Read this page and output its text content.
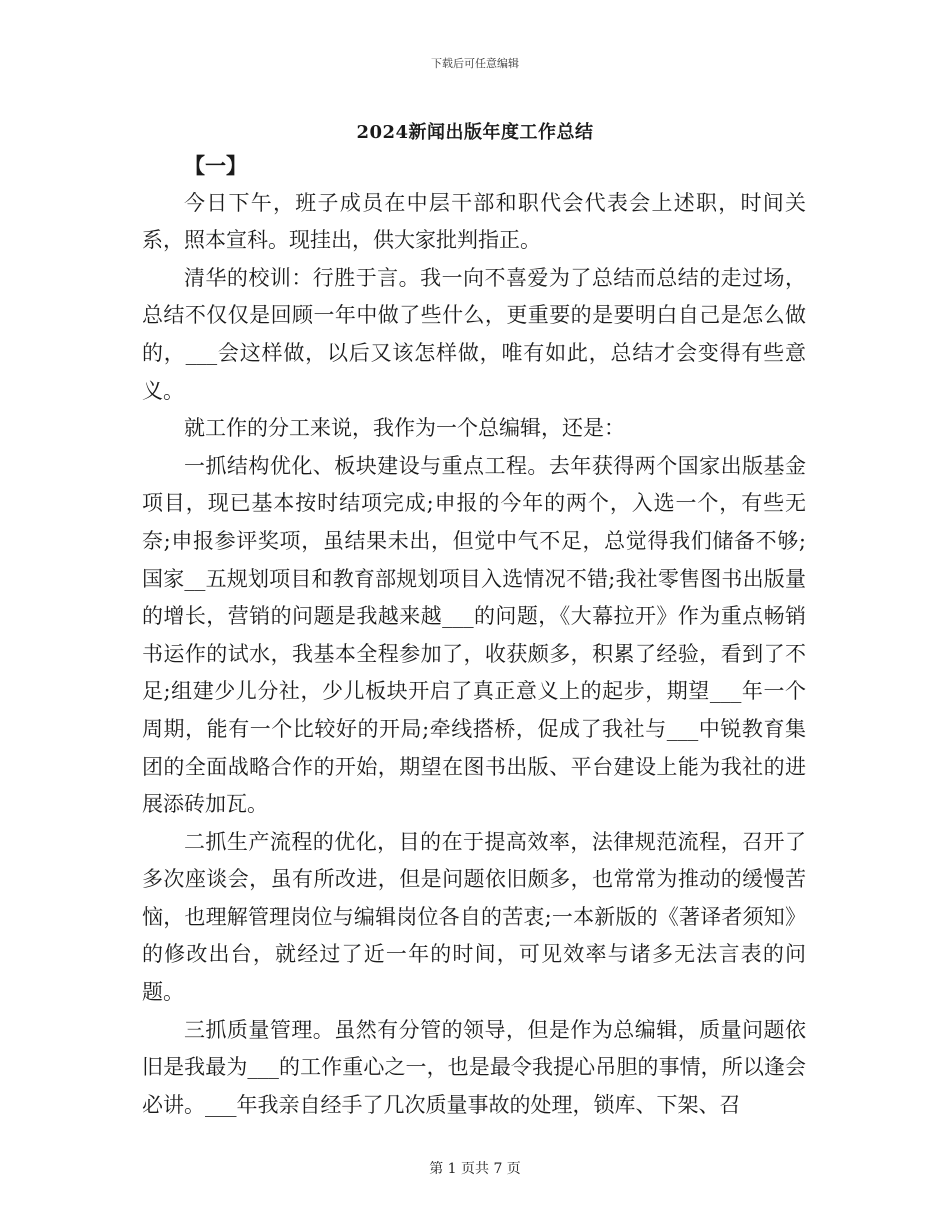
下载后可任意编辑
2024新闻出版年度工作总结

【一】

今日下午，班子成员在中层干部和职代会代表会上述职，时间关系，照本宣科。现挂出，供大家批判指正。

清华的校训：行胜于言。我一向不喜爱为了总结而总结的走过场，总结不仅仅是回顾一年中做了些什么，更重要的是要明白自己是怎么做的，___会这样做，以后又该怎样做，唯有如此，总结才会变得有些意义。

就工作的分工来说，我作为一个总编辑，还是：

一抓结构优化、板块建设与重点工程。去年获得两个国家出版基金项目，现已基本按时结项完成;申报的今年的两个，入选一个，有些无奈;申报参评奖项，虽结果未出，但觉中气不足，总觉得我们储备不够;国家__五规划项目和教育部规划项目入选情况不错;我社零售图书出版量的增长，营销的问题是我越来越___的问题，《大幕拉开》作为重点畅销书运作的试水，我基本全程参加了，收获颇多，积累了经验，看到了不足;组建少儿分社，少儿板块开启了真正意义上的起步，期望___年一个周期，能有一个比较好的开局;牵线搭桥，促成了我社与___中锐教育集团的全面战略合作的开始，期望在图书出版、平台建设上能为我社的进展添砖加瓦。

二抓生产流程的优化，目的在于提高效率，法律规范流程，召开了多次座谈会，虽有所改进，但是问题依旧颇多，也常常为推动的缓慢苦恼，也理解管理岗位与编辑岗位各自的苦衷;一本新版的《著译者须知》的修改出台，就经过了近一年的时间，可见效率与诸多无法言表的问题。

三抓质量管理。虽然有分管的领导，但是作为总编辑，质量问题依旧是我最为___的工作重心之一，也是最令我提心吊胆的事情，所以逢会必讲。___年我亲自经手了几次质量事故的处理，锁库、下架、召

第 1 页共 7 页
